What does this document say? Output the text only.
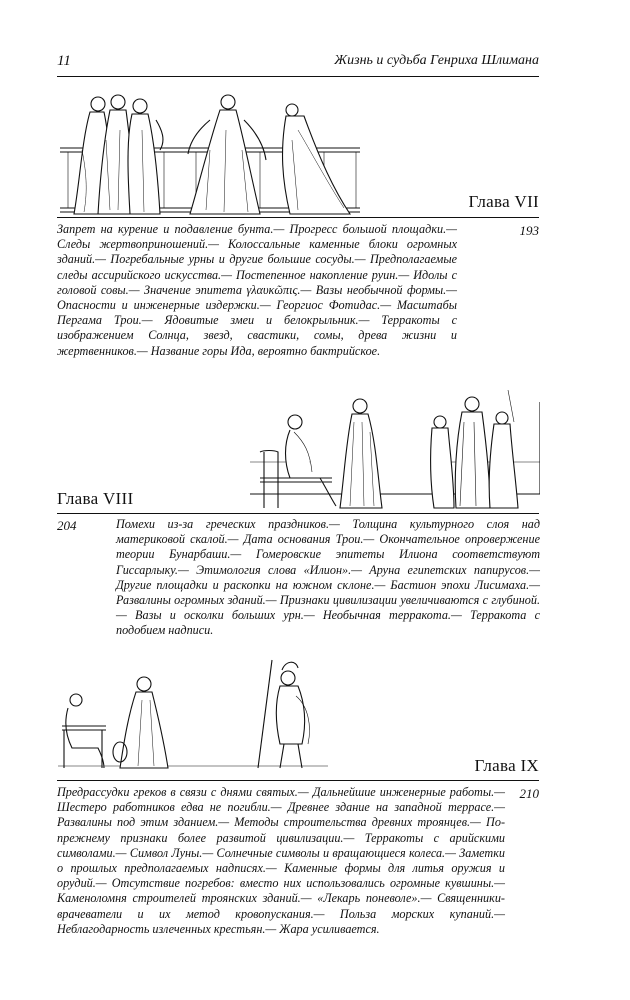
11	Жизнь и судьба Генриха Шлимана
Глава VII
Запрет на курение и подавление бунта.— Прогресс большой площадки.— Следы жертвоприношений.— Колоссальные каменные блоки огромных зданий.— Погребальные урны и другие большие сосуды.— Предполагаемые следы ассирийского искусства.— Постепенное накопление руин.— Идолы с головой совы.— Значение эпитета γλαυκῶπις.— Вазы необычной формы.— Опасности и инженерные издержки.— Георгиос Фотидас.— Масштабы Пергама Трои.— Ядовитые змеи и белокрыльник.— Терракоты с изображением Солнца, звезд, свастики, сомы, древа жизни и жертвенников.— Название горы Ида, вероятно бактрийское.
193
Глава VIII
204	Помехи из-за греческих праздников.— Толщина культурного слоя над материковой скалой.— Дата основания Трои.— Окончательное опровержение теории Бунарбаши.— Гомеровские эпитеты Илиона соответствуют Гиссарлыку.— Этимология слова «Илион».— Аруна египетских папирусов.— Другие площадки и раскопки на южном склоне.— Бастион эпохи Лисимаха.— Развалины огромных зданий.— Признаки цивилизации увеличиваются с глубиной.— Вазы и осколки больших урн.— Необычная терракота.— Терракота с подобием надписи.
Глава IX
Предрассудки греков в связи с днями святых.— Дальнейшие инженерные работы.— Шестеро работников едва не погибли.— Древнее здание на западной террасе.— Развалины под этим зданием.— Методы строительства древних троянцев.— По-прежнему признаки более развитой цивилизации.— Терракоты с арийскими символами.— Символ Луны.— Солнечные символы и вращающиеся колеса.— Заметки о прошлых предполагаемых надписях.— Каменные формы для литья оружия и орудий.— Отсутствие погребов: вместо них использовались огромные кувшины.— Каменоломня строителей троянских зданий.— «Лекарь поневоле».— Священники-врачеватели и их метод кровопускания.— Польза морских купаний.— Неблагодарность излеченных крестьян.— Жара усиливается.
210
